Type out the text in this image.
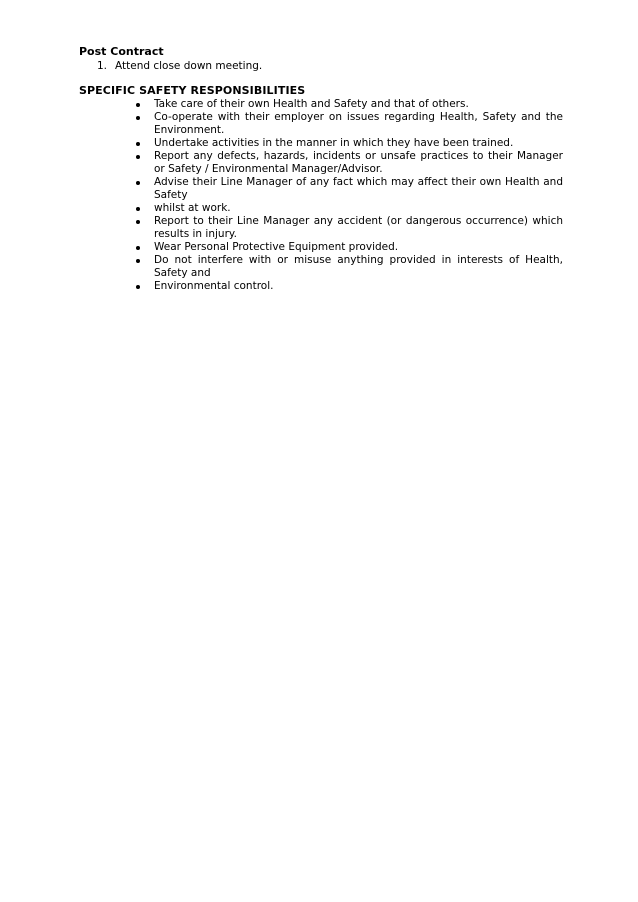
Post Contract
1. Attend close down meeting.
SPECIFIC SAFETY RESPONSIBILITIES
Take care of their own Health and Safety and that of others.
Co-operate with their employer on issues regarding Health, Safety and the Environment.
Undertake activities in the manner in which they have been trained.
Report any defects, hazards, incidents or unsafe practices to their Manager or Safety / Environmental Manager/Advisor.
Advise their Line Manager of any fact which may affect their own Health and Safety
whilst at work.
Report to their Line Manager any accident (or dangerous occurrence) which results in injury.
Wear Personal Protective Equipment provided.
Do not interfere with or misuse anything provided in interests of Health, Safety and
Environmental control.
